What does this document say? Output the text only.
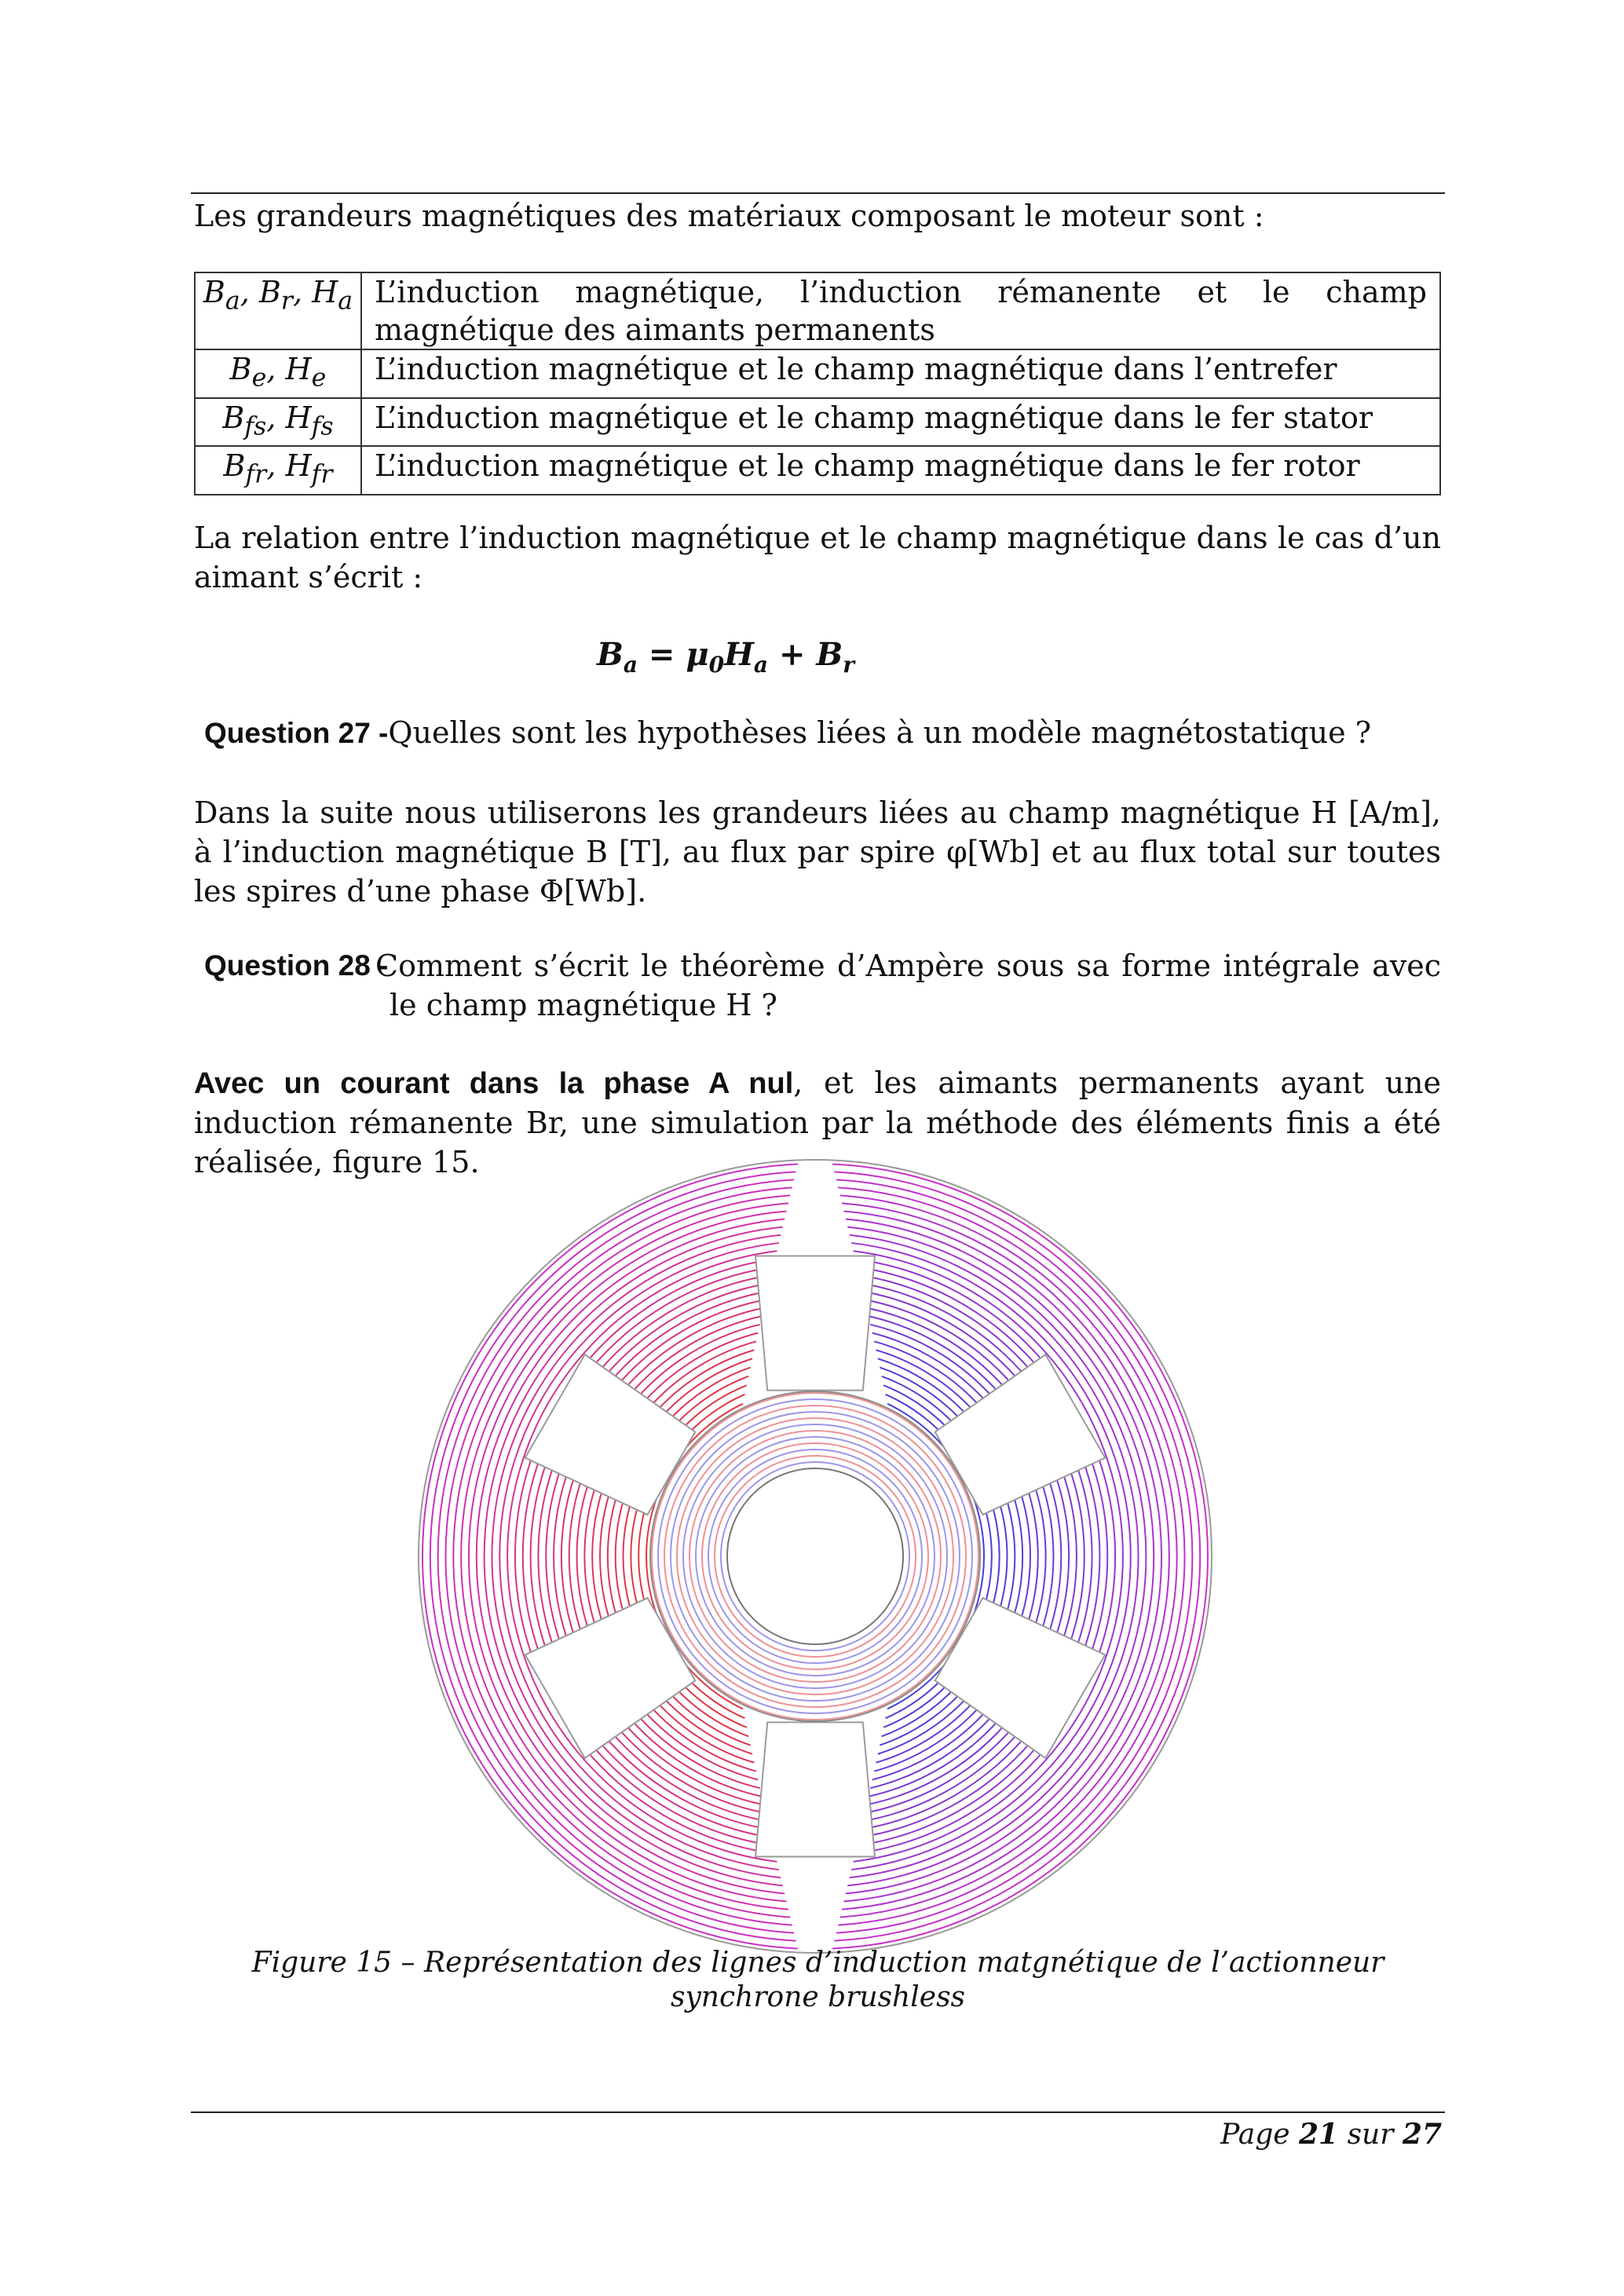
Les grandeurs magnétiques des matériaux composant le moteur sont :
$B_a$, $B_r$, $H_a$	L’induction magnétique, l’induction rémanente et le champ magnétique des aimants permanents
$B_e$, $H_e$	L’induction magnétique et le champ magnétique dans l’entrefer
$B_{fs}$, $H_{fs}$	L’induction magnétique et le champ magnétique dans le fer stator
$B_{fr}$, $H_{fr}$	L’induction magnétique et le champ magnétique dans le fer rotor
La relation entre l’induction magnétique et le champ magnétique dans le cas d’un aimant s’écrit :
$B_a = \mu_0H_a + B_r$
Question 27 -Quelles sont les hypothèses liées à un modèle magnétostatique ?
Dans la suite nous utiliserons les grandeurs liées au champ magnétique H [A/m], à l’induction magnétique B [T], au flux par spire φ[Wb] et au flux total sur toutes les spires d’une phase Φ[Wb].
Question 28 -
Comment s’écrit le théorème d’Ampère sous sa forme intégrale avec le champ magnétique H ?
Avec un courant dans la phase A nul, et les aimants permanents ayant une induction rémanente Br, une simulation par la méthode des éléments finis a été réalisée, figure 15.
Figure 15 – Représentation des lignes d’induction matgnétique de l’actionneur synchrone brushless
Page 21 sur 27
